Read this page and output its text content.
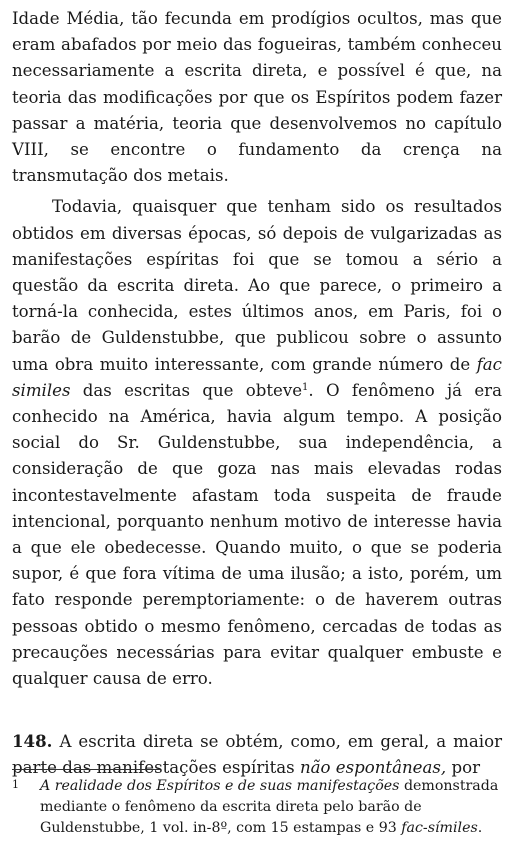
Idade Média, tão fecunda em prodígios ocultos, mas que eram abafados por meio das fogueiras, também conheceu necessariamente a escrita direta, e possível é que, na teoria das modificações por que os Espíritos podem fazer passar a matéria, teoria que desenvolvemos no capítulo VIII, se encontre o fundamento da crença na transmutação dos metais.

Todavia, quaisquer que tenham sido os resultados obtidos em diversas épocas, só depois de vulgarizadas as manifestações espíritas foi que se tomou a sério a questão da escrita direta. Ao que parece, o primeiro a torná-la conhecida, estes últimos anos, em Paris, foi o barão de Guldenstubbe, que publicou sobre o assunto uma obra muito interessante, com grande número de fac similes das escritas que obteve$^1$. O fenômeno já era conhecido na América, havia algum tempo. A posição social do Sr. Guldenstubbe, sua independência, a consideração de que goza nas mais elevadas rodas incontestavelmente afastam toda suspeita de fraude intencional, porquanto nenhum motivo de interesse havia a que ele obedecesse. Quando muito, o que se poderia supor, é que fora vítima de uma ilusão; a isto, porém, um fato responde peremptoriamente: o de haverem outras pessoas obtido o mesmo fenômeno, cercadas de todas as precauções necessárias para evitar qualquer embuste e qualquer causa de erro.

148. A escrita direta se obtém, como, em geral, a maior parte das manifestações espíritas não espontâneas, por

1	A realidade dos Espíritos e de suas manifestações demonstrada mediante o fenômeno da escrita direta pelo barão de Guldenstubbe, 1 vol. in-8º, com 15 estampas e 93 fac-símiles.
